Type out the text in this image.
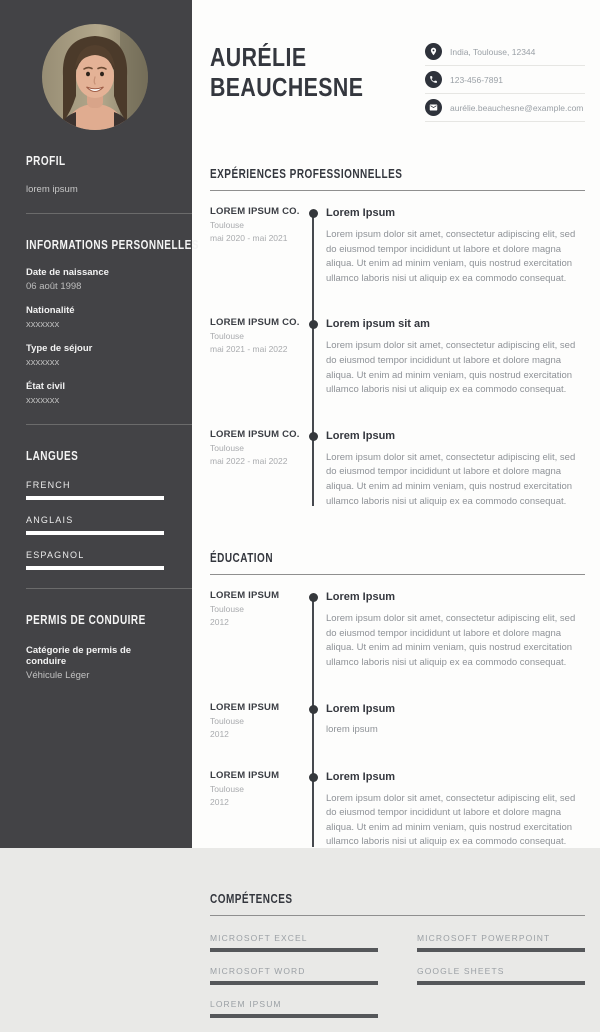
PROFIL

lorem ipsum

INFORMATIONS PERSONNELLES
Date de naissance
06 août 1998
Nationalité
xxxxxxx
Type de séjour
xxxxxxx
État civil
xxxxxxx
LANGUES
FRENCH
ANGLAIS
ESPAGNOL
PERMIS DE CONDUIRE
Catégorie de permis de conduire
Véhicule Léger
AURÉLIE
BEAUCHESNE
India, Toulouse, 12344
123-456-7891
aurélie.beauchesne@example.com
EXPÉRIENCES PROFESSIONNELLES
LOREM IPSUM CO.
Toulouse
mai 2020 - mai 2021
Lorem Ipsum

Lorem ipsum dolor sit amet, consectetur adipiscing elit, sed do eiusmod tempor incididunt ut labore et dolore magna aliqua. Ut enim ad minim veniam, quis nostrud exercitation ullamco laboris nisi ut aliquip ex ea commodo consequat.

LOREM IPSUM CO.
Toulouse
mai 2021 - mai 2022
Lorem ipsum sit am

Lorem ipsum dolor sit amet, consectetur adipiscing elit, sed do eiusmod tempor incididunt ut labore et dolore magna aliqua. Ut enim ad minim veniam, quis nostrud exercitation ullamco laboris nisi ut aliquip ex ea commodo consequat.

LOREM IPSUM CO.
Toulouse
mai 2022 - mai 2022
Lorem Ipsum

Lorem ipsum dolor sit amet, consectetur adipiscing elit, sed do eiusmod tempor incididunt ut labore et dolore magna aliqua. Ut enim ad minim veniam, quis nostrud exercitation ullamco laboris nisi ut aliquip ex ea commodo consequat.

ÉDUCATION
LOREM IPSUM
Toulouse
2012
Lorem Ipsum

Lorem ipsum dolor sit amet, consectetur adipiscing elit, sed do eiusmod tempor incididunt ut labore et dolore magna aliqua. Ut enim ad minim veniam, quis nostrud exercitation ullamco laboris nisi ut aliquip ex ea commodo consequat.

LOREM IPSUM
Toulouse
2012
Lorem Ipsum

lorem ipsum

LOREM IPSUM
Toulouse
2012
Lorem Ipsum

Lorem ipsum dolor sit amet, consectetur adipiscing elit, sed do eiusmod tempor incididunt ut labore et dolore magna aliqua. Ut enim ad minim veniam, quis nostrud exercitation ullamco laboris nisi ut aliquip ex ea commodo consequat.

COMPÉTENCES
MICROSOFT EXCEL
MICROSOFT WORD
LOREM IPSUM
MICROSOFT POWERPOINT
GOOGLE SHEETS
